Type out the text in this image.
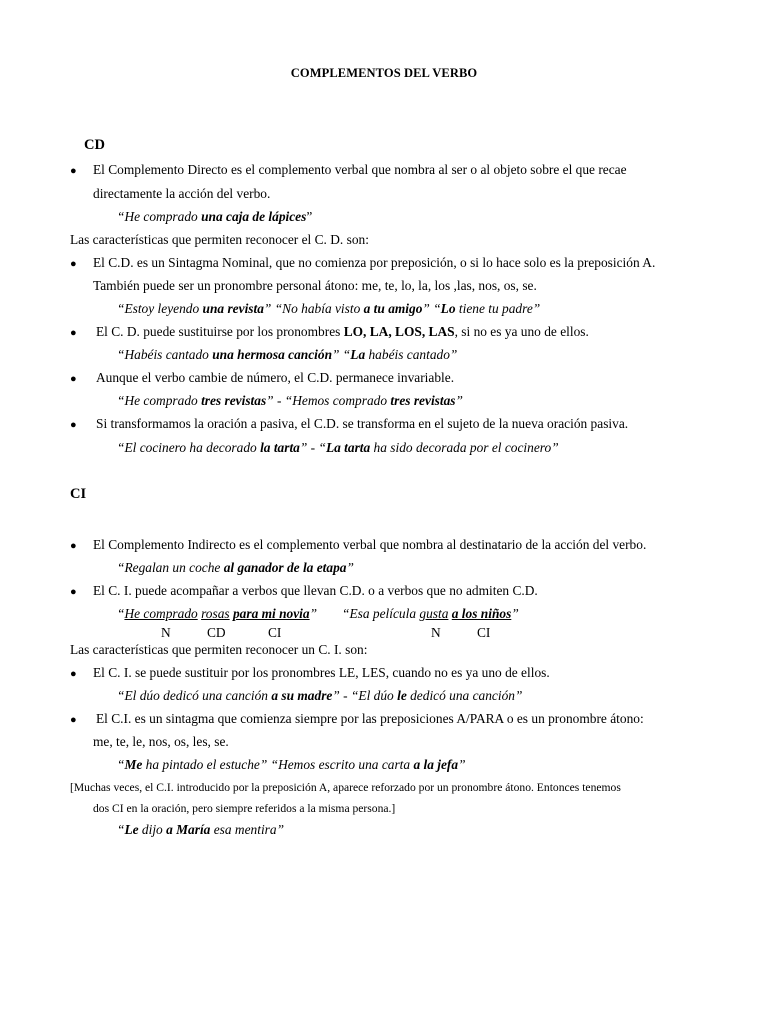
COMPLEMENTOS DEL VERBO
CD
● El Complemento Directo es el complemento verbal que nombra al ser o al objeto sobre el que recae
directamente la acción del verbo.
“He comprado una caja de lápices”
Las características que permiten reconocer el C. D. son:
● El C.D. es un Sintagma Nominal, que no comienza por preposición, o si lo hace solo es la preposición A.
También puede ser un pronombre personal átono: me, te, lo, la, los ,las, nos, os, se.
“Estoy leyendo una revista” “No había visto a tu amigo” “Lo tiene tu padre”
● El C. D. puede sustituirse por los pronombres LO, LA, LOS, LAS, si no es ya uno de ellos.
“Habéis cantado una hermosa canción” “La habéis cantado”
● Aunque el verbo cambie de número, el C.D. permanece invariable.
“He comprado tres revistas” - “Hemos comprado tres revistas”
● Si transformamos la oración a pasiva, el C.D. se transforma en el sujeto de la nueva oración pasiva.
“El cocinero ha decorado la tarta” - “La tarta ha sido decorada por el cocinero”
CI
● El Complemento Indirecto es el complemento verbal que nombra al destinatario de la acción del verbo.
“Regalan un coche al ganador de la etapa”
● El C. I. puede acompañar a verbos que llevan C.D. o a verbos que no admiten C.D.
“He comprado rosas para mi novia” “Esa película gusta a los niños”
N	CD	CI	N	CI
Las características que permiten reconocer un C. I. son:
● El C. I. se puede sustituir por los pronombres LE, LES, cuando no es ya uno de ellos.
“El dúo dedicó una canción a su madre” - “El dúo le dedicó una canción”
● El C.I. es un sintagma que comienza siempre por las preposiciones A/PARA o es un pronombre átono:
me, te, le, nos, os, les, se.
“Me ha pintado el estuche” “Hemos escrito una carta a la jefa”
[Muchas veces, el C.I. introducido por la preposición A, aparece reforzado por un pronombre átono. Entonces tenemos
dos CI en la oración, pero siempre referidos a la misma persona.]
“Le dijo a María esa mentira”
